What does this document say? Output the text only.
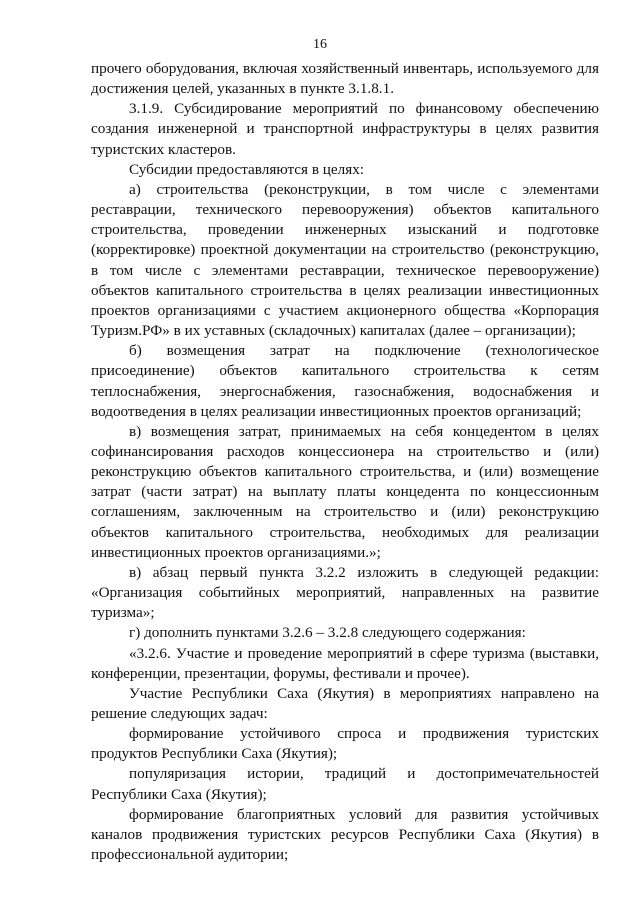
16

прочего оборудования, включая хозяйственный инвентарь, используемого для достижения целей, указанных в пункте 3.1.8.1.

3.1.9. Субсидирование мероприятий по финансовому обеспечению создания инженерной и транспортной инфраструктуры в целях развития туристских кластеров.

Субсидии предоставляются в целях:

а) строительства (реконструкции, в том числе с элементами реставрации, технического перевооружения) объектов капитального строительства, проведении инженерных изысканий и подготовке (корректировке) проектной документации на строительство (реконструкцию, в том числе с элементами реставрации, техническое перевооружение) объектов капитального строительства в целях реализации инвестиционных проектов организациями с участием акционерного общества «Корпорация Туризм.РФ» в их уставных (складочных) капиталах (далее – организации);

б) возмещения затрат на подключение (технологическое присоединение) объектов капитального строительства к сетям теплоснабжения, энергоснабжения, газоснабжения, водоснабжения и водоотведения в целях реализации инвестиционных проектов организаций;

в) возмещения затрат, принимаемых на себя концедентом в целях софинансирования расходов концессионера на строительство и (или) реконструкцию объектов капитального строительства, и (или) возмещение затрат (части затрат) на выплату платы концедента по концессионным соглашениям, заключенным на строительство и (или) реконструкцию объектов капитального строительства, необходимых для реализации инвестиционных проектов организациями.»;

в) абзац первый пункта 3.2.2 изложить в следующей редакции: «Организация событийных мероприятий, направленных на развитие туризма»;

г) дополнить пунктами 3.2.6 – 3.2.8 следующего содержания:

«3.2.6. Участие и проведение мероприятий в сфере туризма (выставки, конференции, презентации, форумы, фестивали и прочее).

Участие Республики Саха (Якутия) в мероприятиях направлено на решение следующих задач:

формирование устойчивого спроса и продвижения туристских продуктов Республики Саха (Якутия);

популяризация истории, традиций и достопримечательностей Республики Саха (Якутия);

формирование благоприятных условий для развития устойчивых каналов продвижения туристских ресурсов Республики Саха (Якутия) в профессиональной аудитории;
